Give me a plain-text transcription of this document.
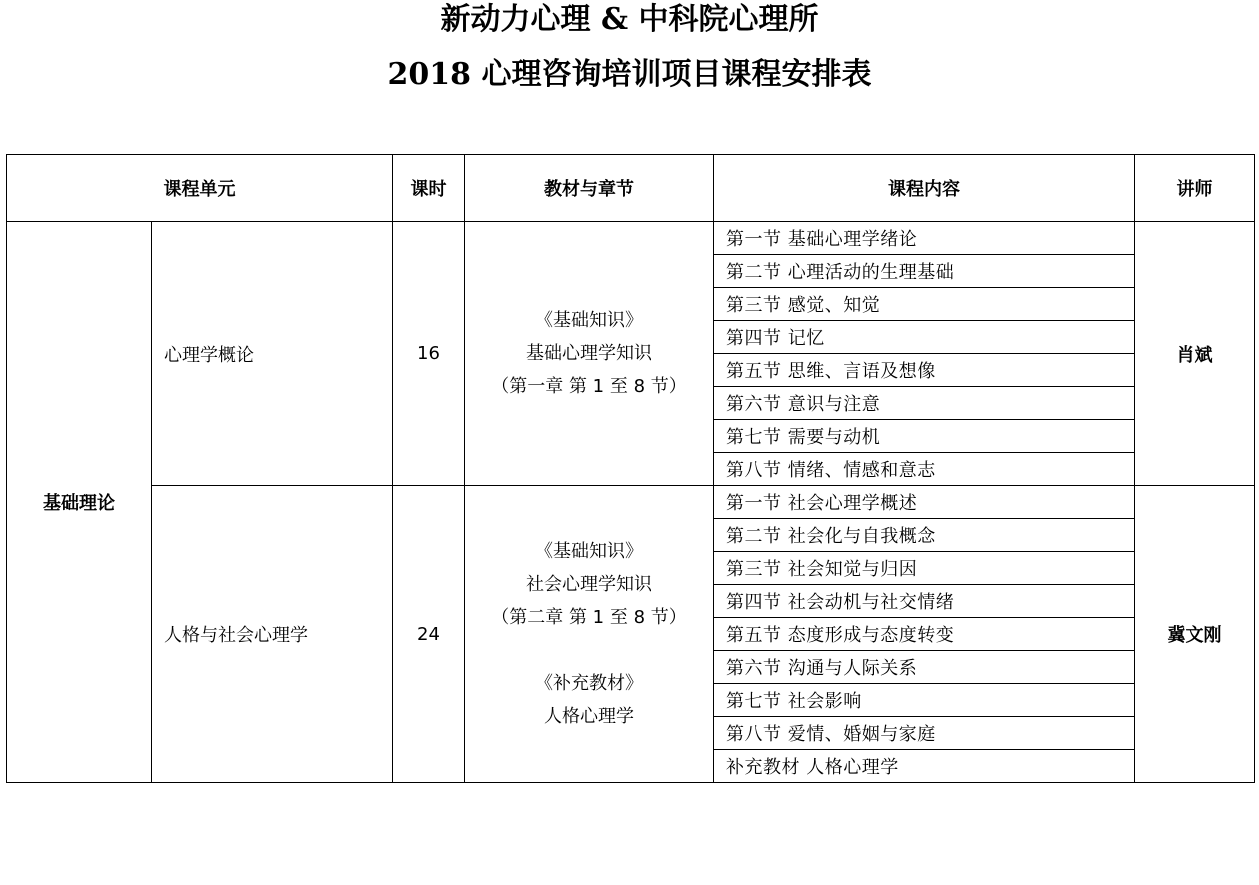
新动力心理 & 中科院心理所
2018 心理咨询培训项目课程安排表
课程单元		课时	教材与章节	课程内容	讲师
基础理论	心理学概论	16	《基础知识》
基础心理学知识
（第一章 第 1 至 8 节）	第一节 基础心理学绪论	肖斌
				第二节 心理活动的生理基础	
				第三节 感觉、知觉	
				第四节 记忆	
				第五节 思维、言语及想像	
				第六节 意识与注意	
				第七节 需要与动机	
				第八节 情绪、情感和意志	
	人格与社会心理学	24	《基础知识》
社会心理学知识
（第二章 第 1 至 8 节）
《补充教材》
人格心理学	第一节 社会心理学概述	冀文刚
				第二节 社会化与自我概念	
				第三节 社会知觉与归因	
				第四节 社会动机与社交情绪	
				第五节 态度形成与态度转变	
				第六节 沟通与人际关系	
				第七节 社会影响	
				第八节 爱情、婚姻与家庭	
				补充教材 人格心理学	
